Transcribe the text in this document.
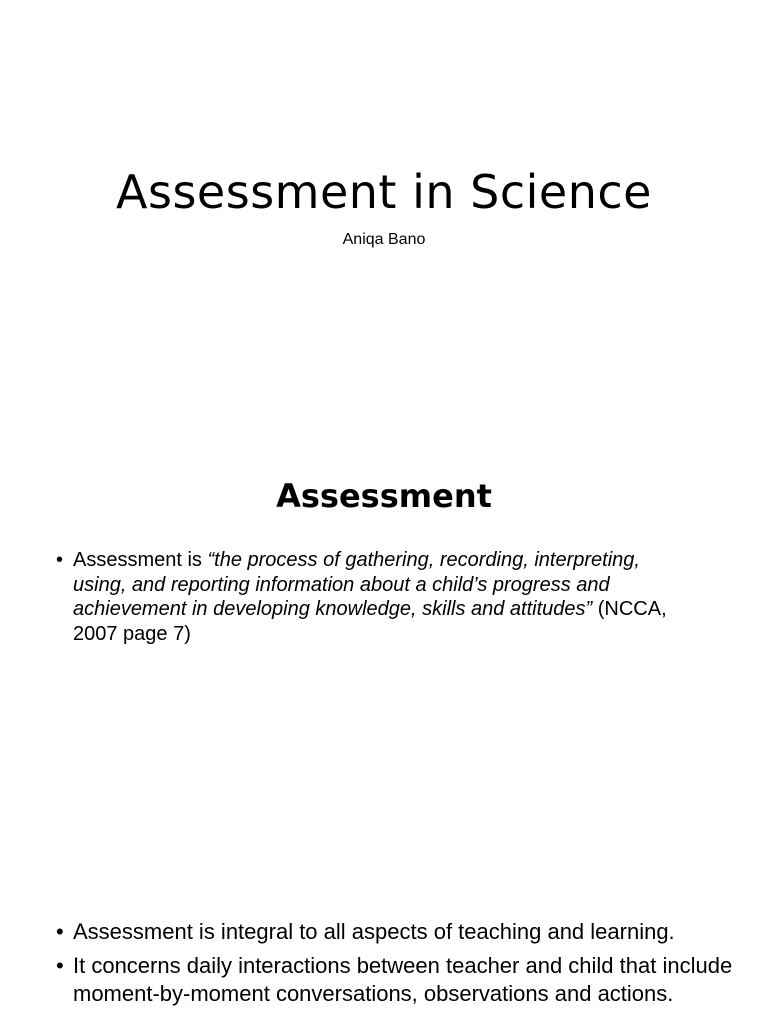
Assessment in Science
Aniqa Bano
Assessment
• Assessment is “the process of gathering, recording, interpreting, using, and reporting information about a child’s progress and achievement in developing knowledge, skills and attitudes” (NCCA, 2007 page 7)
• Assessment is integral to all aspects of teaching and learning.
• It concerns daily interactions between teacher and child that include moment-by-moment conversations, observations and actions.
